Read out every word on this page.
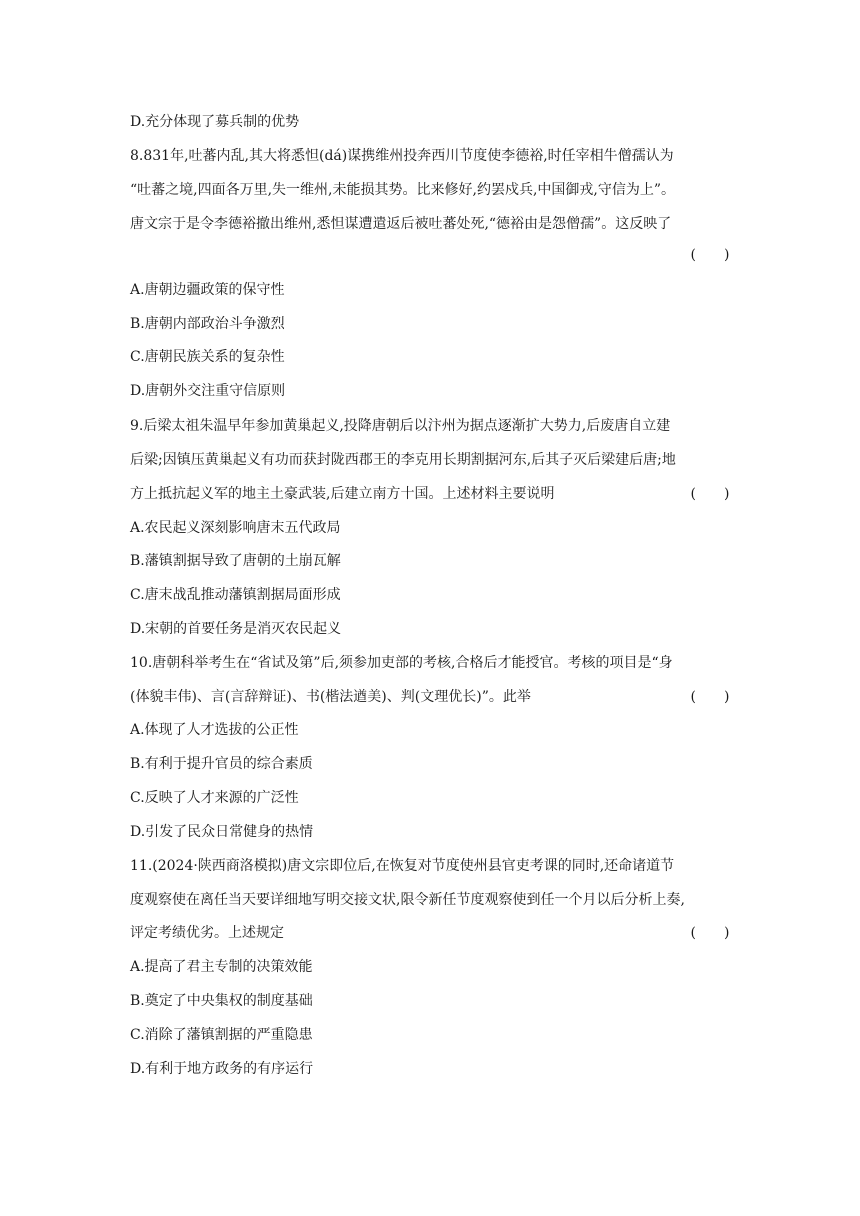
D.充分体现了募兵制的优势
8.831年,吐蕃内乱,其大将悉怛(dá)谋携维州投奔西川节度使李德裕,时任宰相牛僧孺认为
“吐蕃之境,四面各万里,失一维州,未能损其势。比来修好,约罢戍兵,中国御戎,守信为上”。
唐文宗于是令李德裕撤出维州,悉怛谋遭遣返后被吐蕃处死,“德裕由是怨僧孺”。这反映了
(　　)
A.唐朝边疆政策的保守性
B.唐朝内部政治斗争激烈
C.唐朝民族关系的复杂性
D.唐朝外交注重守信原则
9.后梁太祖朱温早年参加黄巢起义,投降唐朝后以汴州为据点逐渐扩大势力,后废唐自立建
后梁;因镇压黄巢起义有功而获封陇西郡王的李克用长期割据河东,后其子灭后梁建后唐;地
方上抵抗起义军的地主土豪武装,后建立南方十国。上述材料主要说明	(　　)
A.农民起义深刻影响唐末五代政局
B.藩镇割据导致了唐朝的土崩瓦解
C.唐末战乱推动藩镇割据局面形成
D.宋朝的首要任务是消灭农民起义
10.唐朝科举考生在“省试及第”后,须参加吏部的考核,合格后才能授官。考核的项目是“身
(体貌丰伟)、言(言辞辩证)、书(楷法遒美)、判(文理优长)”。此举	(　　)
A.体现了人才选拔的公正性
B.有利于提升官员的综合素质
C.反映了人才来源的广泛性
D.引发了民众日常健身的热情
11.(2024·陕西商洛模拟)唐文宗即位后,在恢复对节度使州县官吏考课的同时,还命诸道节
度观察使在离任当天要详细地写明交接文状,限令新任节度观察使到任一个月以后分析上奏,
评定考绩优劣。上述规定	(　　)
A.提高了君主专制的决策效能
B.奠定了中央集权的制度基础
C.消除了藩镇割据的严重隐患
D.有利于地方政务的有序运行
